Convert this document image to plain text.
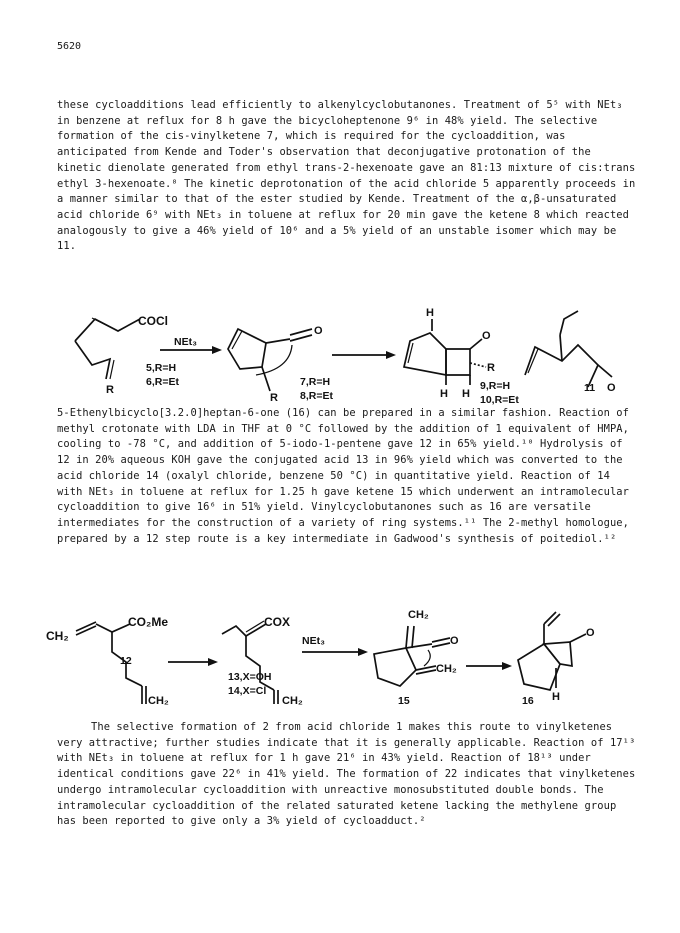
5620

these cycloadditions lead efficiently to alkenylcyclobutanones. Treatment of 5⁵ with NEt₃ in benzene at reflux for 8 h gave the bicycloheptenone 9⁶ in 48% yield. The selective formation of the cis-vinylketene 7, which is required for the cycloaddition, was anticipated from Kende and Toder's observation that deconjugative protonation of the kinetic dienolate generated from ethyl trans-2-hexenoate gave an 81:13 mixture of cis:trans ethyl 3-hexenoate.⁸ The kinetic deprotonation of the acid chloride 5 apparently proceeds in a manner similar to that of the ester studied by Kende. Treatment of the α,β-unsaturated acid chloride 6⁹ with NEt₃ in toluene at reflux for 20 min gave the ketene 8 which reacted analogously to give a 46% yield of 10⁶ and a 5% yield of an unstable isomer which may be 11.

COCl
NEt₃
R
5,R=H
6,R=Et
O
R
7,R=H
8,R=Et
O
H
H H
R
9,R=H
10,R=Et
O
11

5-Ethenylbicyclo[3.2.0]heptan-6-one (16) can be prepared in a similar fashion. Reaction of methyl crotonate with LDA in THF at 0 °C followed by the addition of 1 equivalent of HMPA, cooling to -78 °C, and addition of 5-iodo-1-pentene gave 12 in 65% yield.¹⁰ Hydrolysis of 12 in 20% aqueous KOH gave the conjugated acid 13 in 96% yield which was converted to the acid chloride 14 (oxalyl chloride, benzene 50 °C) in quantitative yield. Reaction of 14 with NEt₃ in toluene at reflux for 1.25 h gave ketene 15 which underwent an intramolecular cycloaddition to give 16⁶ in 51% yield. Vinylcyclobutanones such as 16 are versatile intermediates for the construction of a variety of ring systems.¹¹ The 2-methyl homologue, prepared by a 12 step route is a key intermediate in Gadwood's synthesis of poitediol.¹²

CH₂
CO₂Me
12
CH₂
COX
13,X=OH
14,X=Cl
CH₂
NEt₃
CH₂
O
CH₂
15
O
H
16

The selective formation of 2 from acid chloride 1 makes this route to vinylketenes very attractive; further studies indicate that it is generally applicable. Reaction of 17¹³ with NEt₃ in toluene at reflux for 1 h gave 21⁶ in 43% yield. Reaction of 18¹³ under identical conditions gave 22⁶ in 41% yield. The formation of 22 indicates that vinylketenes undergo intramolecular cycloaddition with unreactive monosubstituted double bonds. The intramolecular cycloaddition of the related saturated ketene lacking the methylene group has been reported to give only a 3% yield of cycloadduct.²
